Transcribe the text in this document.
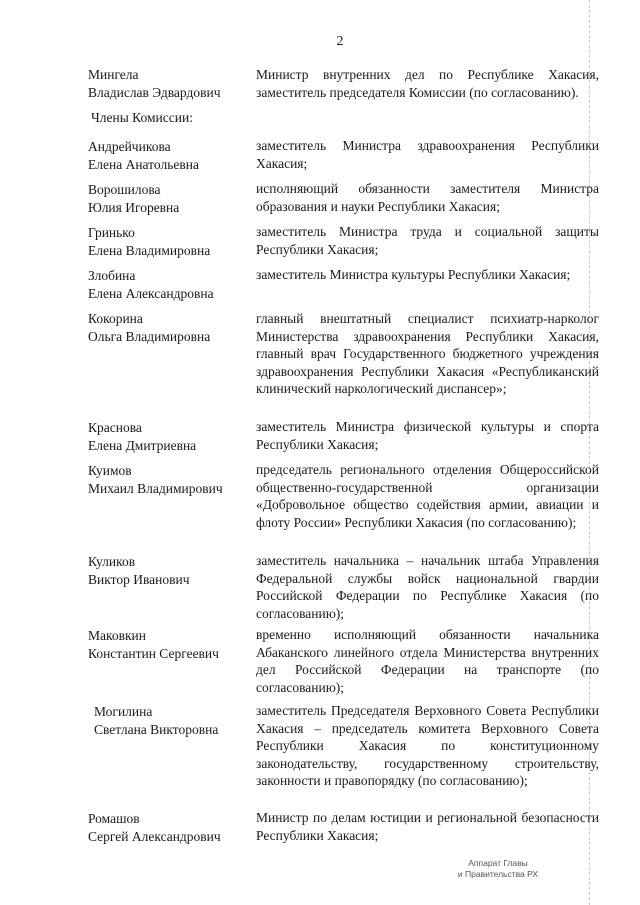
2
Мингела
Владислав Эдвардович
Министр внутренних дел по Республике Хакасия, заместитель председателя Комиссии (по согласованию).
Члены Комиссии:
Андрейчикова
Елена Анатольевна
заместитель Министра здравоохранения Республики Хакасия;
Ворошилова
Юлия Игоревна
исполняющий обязанности заместителя Министра образования и науки Республики Хакасия;
Гринько
Елена Владимировна
заместитель Министра труда и социальной защиты Республики Хакасия;
Злобина
Елена Александровна
заместитель Министра культуры Республики Хакасия;
Кокорина
Ольга Владимировна
главный внештатный специалист психиатр-нарколог Министерства здравоохранения Республики Хакасия, главный врач Государственного бюджетного учреждения здравоохранения Республики Хакасия «Республиканский клинический наркологический диспансер»;
Краснова
Елена Дмитриевна
заместитель Министра физической культуры и спорта Республики Хакасия;
Куимов
Михаил Владимирович
председатель регионального отделения Общероссийской общественно-государственной организации «Добровольное общество содействия армии, авиации и флоту России» Республики Хакасия (по согласованию);
Куликов
Виктор Иванович
заместитель начальника – начальник штаба Управления Федеральной службы войск национальной гвардии Российской Федерации по Республике Хакасия (по согласованию);
Маковкин
Константин Сергеевич
временно исполняющий обязанности начальника Абаканского линейного отдела Министерства внутренних дел Российской Федерации на транспорте (по согласованию);
Могилина
Светлана Викторовна
заместитель Председателя Верховного Совета Республики Хакасия – председатель комитета Верховного Совета Республики Хакасия по конституционному законодательству, государственному строительству, законности и правопорядку (по согласованию);
Ромашов
Сергей Александрович
Министр по делам юстиции и региональной безопасности Республики Хакасия;
Аппарат Главы
и Правительства РХ
